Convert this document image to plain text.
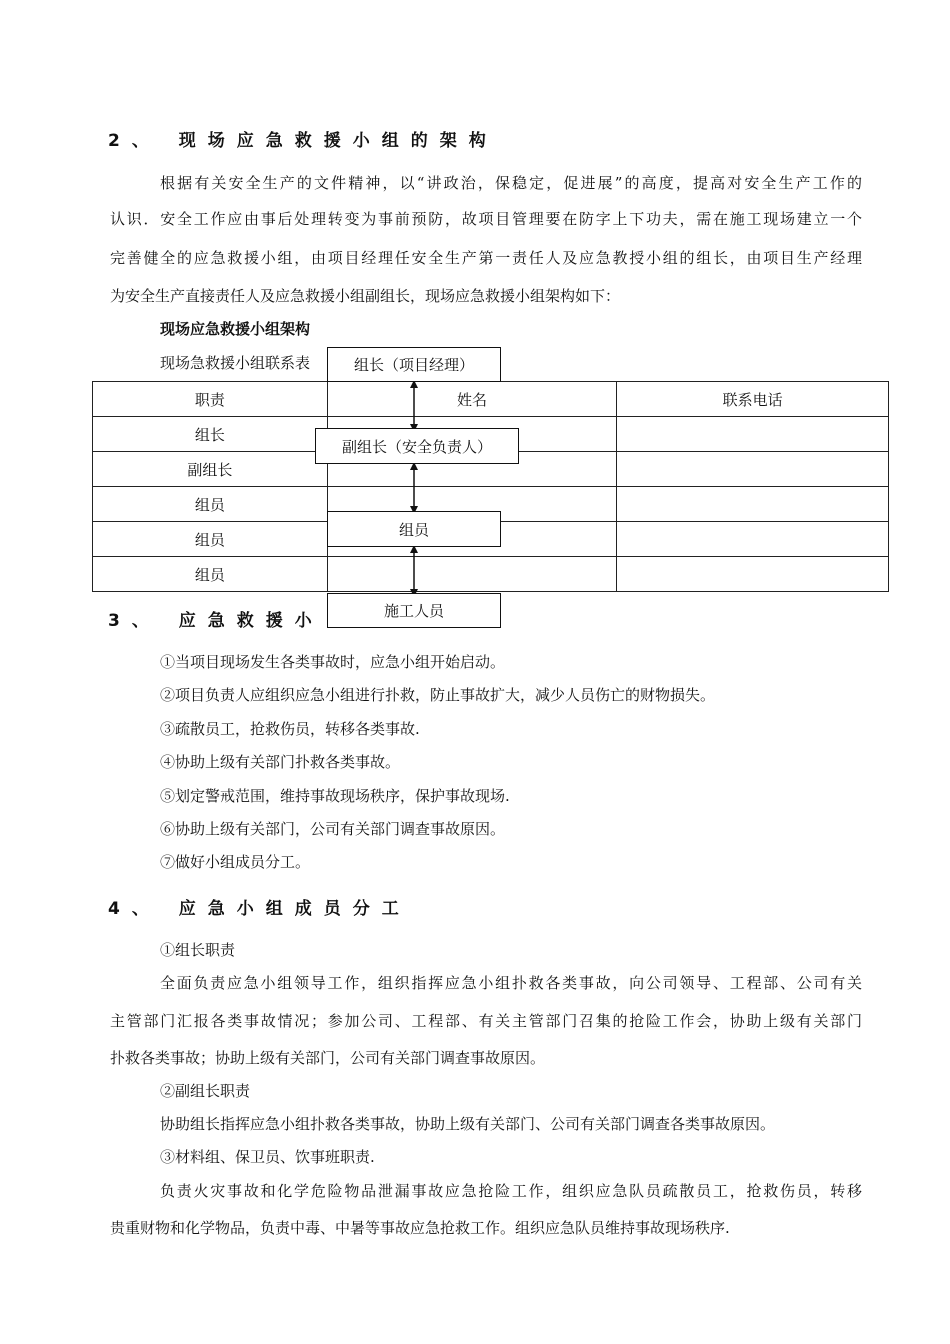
2、 现场应急救援小组的架构
根据有关安全生产的文件精神，以“讲政治，保稳定，促进展”的高度，提高对安全生产工作的
认识．安全工作应由事后处理转变为事前预防，故项目管理要在防字上下功夫，需在施工现场建立一个
完善健全的应急救援小组，由项目经理任安全生产第一责任人及应急教授小组的组长，由项目生产经理
为安全生产直接责任人及应急救援小组副组长，现场应急救援小组架构如下：
现场应急救援小组架构
现场急救援小组联系表
职责	姓名	联系电话
组长		
副组长		
组员		
组员		
组员		
组长（项目经理）
副组长（安全负责人）
组员
施工人员
3、 应急救援小
①当项目现场发生各类事故时，应急小组开始启动。
②项目负责人应组织应急小组进行扑救，防止事故扩大，减少人员伤亡的财物损失。
③疏散员工，抢救伤员，转移各类事故.
④协助上级有关部门扑救各类事故。
⑤划定警戒范围，维持事故现场秩序，保护事故现场.
⑥协助上级有关部门，公司有关部门调查事故原因。
⑦做好小组成员分工。
4、 应急小组成员分工
①组长职责
全面负责应急小组领导工作，组织指挥应急小组扑救各类事故，向公司领导、工程部、公司有关
主管部门汇报各类事故情况；参加公司、工程部、有关主管部门召集的抢险工作会，协助上级有关部门
扑救各类事故；协助上级有关部门，公司有关部门调查事故原因。
②副组长职责
协助组长指挥应急小组扑救各类事故，协助上级有关部门、公司有关部门调查各类事故原因。
③材料组、保卫员、饮事班职责.
负责火灾事故和化学危险物品泄漏事故应急抢险工作，组织应急队员疏散员工，抢救伤员，转移
贵重财物和化学物品，负责中毒、中暑等事故应急抢救工作。组织应急队员维持事故现场秩序.
